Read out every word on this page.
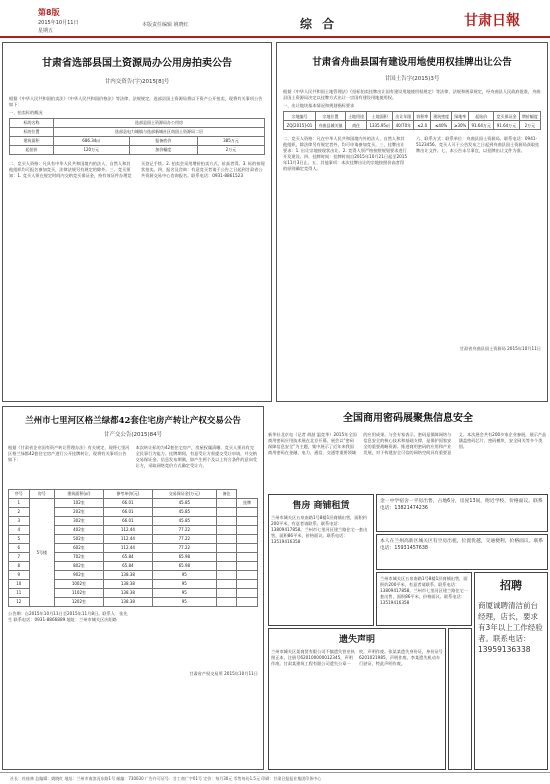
第8版
2015年10月11日
星期五
本版责任编辑 姚晓红	综 合	甘肃日報
甘肃省选部县国土资源局办公用房拍卖公告
甘内交资告(字)2015[8]号
根据《中华人民共和国拍卖法》《中华人民共和国价格法》等法律、法规规定，选部县国土资源局将以下资产公开拍卖，现将有关事项公告如下：
一、拍卖标的概况
标的名称	选部县国土资源局办公用房		
标的位置	选部县电力城镇与选部新城社区南国土资源局二层		
建筑面积	686.34㎡	报备底价	385万元
起拍价	120万元	加价幅度	2万元
二、竞买人资格：凡具有中华人民共和国境内的法人、自然人和其他组织均可报名参加竞买，法律法规另有规定的除外。三、竞买须知：1. 竞买人须在规定时间内交纳竞买保证金，持有效证件办理竞买登记手续。2. 拍卖会采用增价拍卖方式，价高者得。3. 标的按现状拍卖。四、报名及咨询：有意竞买者请于公告之日起到甘肃省公共资源交易中心咨询报名。联系电话：0931-8861523
甘肃省舟曲县国有建设用地使用权挂牌出让公告
甘国土告字(2015)3号
根据《中华人民共和国土地管理法》《招标拍卖挂牌出让国有建设用地使用权规定》等法律、法规和规章规定，经舟曲县人民政府批准，舟曲县国土资源局决定以挂牌方式出让一宗国有建设用地使用权。
一、出让地块基本情况和规划指标要求
宗地编号	宗地位置	土地用途	土地面积	出让年限	容积率	建筑密度	绿地率	起始价	竞买保证金	增价幅度
ZQ[2015]-01	舟曲县城关镇	商住	1335.95㎡	40/70年	≤2.0	≤40%	≥30%	91.64万元	91.64万元	2万元
二、竞买人资格：凡在中华人民共和国境内外的法人、自然人和其他组织，除法律另有规定者外，均可申请参加竞买。三、挂牌出让要求：1. 出让宗地按现状出让。2. 竞得人须严格按照规划要求进行开发建设。四、挂牌时间：挂牌时间自2015年10月21日起至2015年11月3日止。五、其他事项：本次挂牌出让的宗地按照价高者得的原则确定竞得人。
六、联系方式：联系单位：舟曲县国土资源局。联系电话：0941-5123456。竞买人可于公告发布之日起到舟曲县国土资源局获取挂牌出让文件。七、本公告未尽事宜，以挂牌出让文件为准。
甘肃省舟曲县国土资源局 2015年10月11日
兰州市七里河区格兰绿都42套住宅房产转让产权交易公告
甘产交公告(2015)84号
根据《甘肃省企业国有资产转让管理办法》有关规定，现将七里河区格兰绿都42套住宅房产进行公开挂牌转让，现将有关事项公告如下：
本次转让标的为42套住宅房产，房屋权属清晰。竞买人须具有完全民事行为能力。挂牌期间，有意受让方须提交受让申请，并交纳交易保证金。信息发布期满，如产生两个及以上符合条件的意向受让方，采取网络竞价方式确定受让方。
序号	房号	建筑面积(㎡)	参考单价(元)	交易保证金(万元)	备注	
1	5号楼	102室	66.01	45.85		挂牌
2		202室	66.01	45.85		
3		302室	66.01	45.85		
4		402室	112.44	77.22		
5		502室	112.44	77.22		
6		602室	112.44	77.22		
7		702室	65.84	65.98		
8		802室	65.84	65.98		
9		902室	138.38	95		
10		1002室	138.38	95		
11		1102室	138.38	95		
12		1202室	138.38	95		
公告期：自2015年10月11日至2015年11月8日。联系人：张先生 联系电话：0931-8866889 地址：兰州市城关区庆阳路
甘肃省产权交易所 2015年10月11日
全国商用密码展聚焦信息安全
新华社北京电（记者 胡喆 温竞华）2015年全国商用密码应用技术展在北京开幕。展会以“密码保障信息安全”为主题，集中展示了近年来我国商用密码在金融、电力、通信、交通等重要领域的应用成果。与会专家表示，密码是保障网络与信息安全的核心技术和基础支撑，是保护国家安全的重要战略资源。推进商用密码的应用和产业发展，对于构建安全可信的网络空间具有重要意义。本次展会共有200多家企业参展，展示产品涵盖密码芯片、密码模块、安全网关等多个类别。
售房 商铺租赁
兰州市城关区五泉南路1号8楼1层商铺出售，面积约200平米，有意者请联系。联系电话：13809417858。兰州市七里河区建兰路住宅一套出售，面积86平米，价格面议。联系电话：13519416358
遗失声明
兰州市城关区某商贸有限公司不慎遗失营业执照正本，注册号620100000012345，声明作废。甘肃某建筑工程有限公司遗失公章一枚，声明作废。张某某遗失身份证，身份证号6201021985，声明作废。李某遗失机动车行驶证，特此声明作废。
金一中学宿舍一平房出售，占地6分，房屋13间，附近学校，价格面议。联系电话：13821474236
本人在兰州高新区城关区有空房出租，位置优越，交通便利，价格面议。联系电话：15931457638
兰州市城关区五泉南路1号8楼1层商铺出售，面积约200平米，有意者请联系。联系电话：13809417858。兰州市七里河区建兰路住宅一套出售，面积86平米，价格面议。联系电话：13519416358
招聘
商厦诚聘清洁前台经理，店长，要求有3年以上工作经验者。联系电话：13959136338
社长：杜桂林 总编辑：姚晓红 地址：兰州市南滨河东路1号 邮编：730030 广告许可证号：甘工商广字01号 定价：每月30元 零售每份1.5元 印刷：甘肃日报报业集团印务中心
